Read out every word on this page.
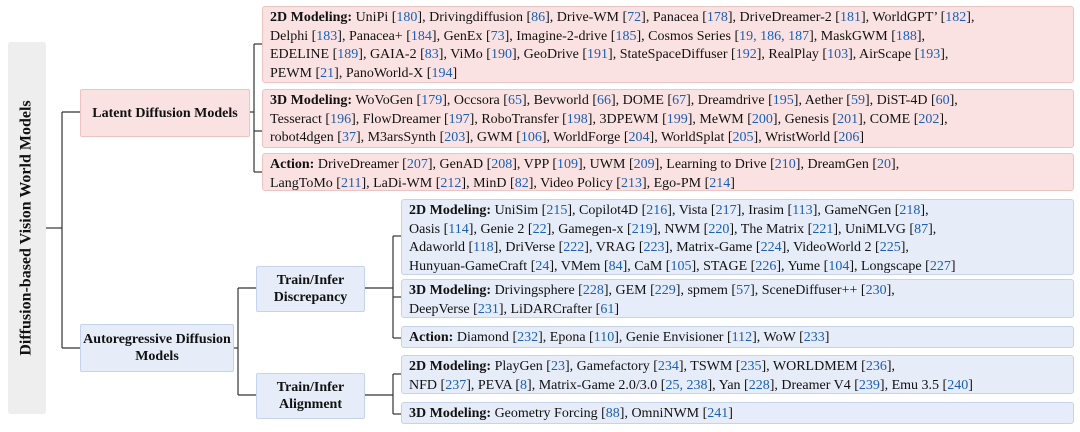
Diffusion-based Vision World Models	Latent Diffusion Models
Autoregressive Diffusion Models
Train/Infer Discrepancy
Train/Infer Alignment
2D Modeling: UniPi [180], Drivingdiffusion [86], Drive-WM [72], Panacea [178], DriveDreamer-2 [181], WorldGPT’ [182],
Delphi [183], Panacea+ [184], GenEx [73], Imagine-2-drive [185], Cosmos Series [19, 186, 187], MaskGWM [188],
EDELINE [189], GAIA-2 [83], ViMo [190], GeoDrive [191], StateSpaceDiffuser [192], RealPlay [103], AirScape [193],
PEWM [21], PanoWorld-X [194]
3D Modeling: WoVoGen [179], Occsora [65], Bevworld [66], DOME [67], Dreamdrive [195], Aether [59], DiST-4D [60],
Tesseract [196], FlowDreamer [197], RoboTransfer [198], 3DPEWM [199], MeWM [200], Genesis [201], COME [202],
robot4dgen [37], M3arsSynth [203], GWM [106], WorldForge [204], WorldSplat [205], WristWorld [206]
Action: DriveDreamer [207], GenAD [208], VPP [109], UWM [209], Learning to Drive [210], DreamGen [20],
LangToMo [211], LaDi-WM [212], MinD [82], Video Policy [213], Ego-PM [214]
2D Modeling: UniSim [215], Copilot4D [216], Vista [217], Irasim [113], GameNGen [218],
Oasis [114], Genie 2 [22], Gamegen-x [219], NWM [220], The Matrix [221], UniMLVG [87],
Adaworld [118], DriVerse [222], VRAG [223], Matrix-Game [224], VideoWorld 2 [225],
Hunyuan-GameCraft [24], VMem [84], CaM [105], STAGE [226], Yume [104], Longscape [227]
3D Modeling: Drivingsphere [228], GEM [229], spmem [57], SceneDiffuser++ [230],
DeepVerse [231], LiDARCrafter [61]
Action: Diamond [232], Epona [110], Genie Envisioner [112], WoW [233]
2D Modeling: PlayGen [23], Gamefactory [234], TSWM [235], WORLDMEM [236],
NFD [237], PEVA [8], Matrix-Game 2.0/3.0 [25, 238], Yan [228], Dreamer V4 [239], Emu 3.5 [240]
3D Modeling: Geometry Forcing [88], OmniNWM [241]
